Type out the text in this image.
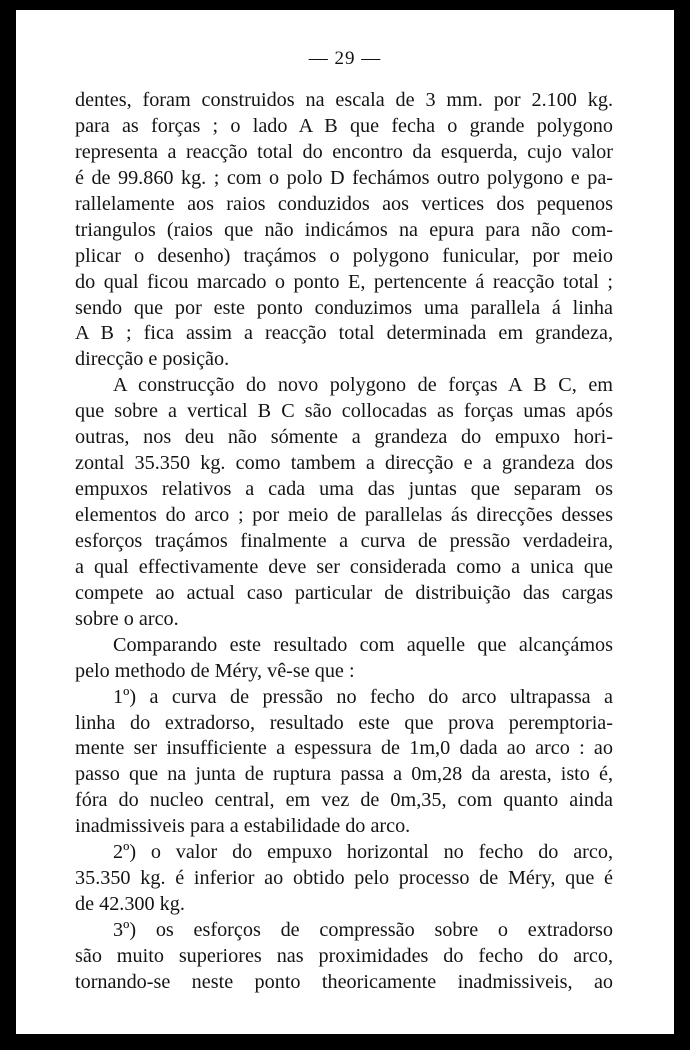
— 29 —
dentes, foram construidos na escala de 3 mm. por 2.100 kg.
para as forças ; o lado A B que fecha o grande polygono
representa a reacção total do encontro da esquerda, cujo valor
é de 99.860 kg. ; com o polo D fechámos outro polygono e pa-
rallelamente aos raios conduzidos aos vertices dos pequenos
triangulos (raios que não indicámos na epura para não com-
plicar o desenho) traçámos o polygono funicular, por meio
do qual ficou marcado o ponto E, pertencente á reacção total ;
sendo que por este ponto conduzimos uma parallela á linha
A B ; fica assim a reacção total determinada em grandeza,
direcção e posição.
A construcção do novo polygono de forças A B C, em
que sobre a vertical B C são collocadas as forças umas após
outras, nos deu não sómente a grandeza do empuxo hori-
zontal 35.350 kg. como tambem a direcção e a grandeza dos
empuxos relativos a cada uma das juntas que separam os
elementos do arco ; por meio de parallelas ás direcções desses
esforços traçámos finalmente a curva de pressão verdadeira,
a qual effectivamente deve ser considerada como a unica que
compete ao actual caso particular de distribuição das cargas
sobre o arco.
Comparando este resultado com aquelle que alcançámos
pelo methodo de Méry, vê-se que :
1º) a curva de pressão no fecho do arco ultrapassa a
linha do extradorso, resultado este que prova peremptoria-
mente ser insufficiente a espessura de 1m,0 dada ao arco : ao
passo que na junta de ruptura passa a 0m,28 da aresta, isto é,
fóra do nucleo central, em vez de 0m,35, com quanto ainda
inadmissiveis para a estabilidade do arco.
2º) o valor do empuxo horizontal no fecho do arco,
35.350 kg. é inferior ao obtido pelo processo de Méry, que é
de 42.300 kg.
3º) os esforços de compressão sobre o extradorso
são muito superiores nas proximidades do fecho do arco,
tornando-se neste ponto theoricamente inadmissiveis, ao
